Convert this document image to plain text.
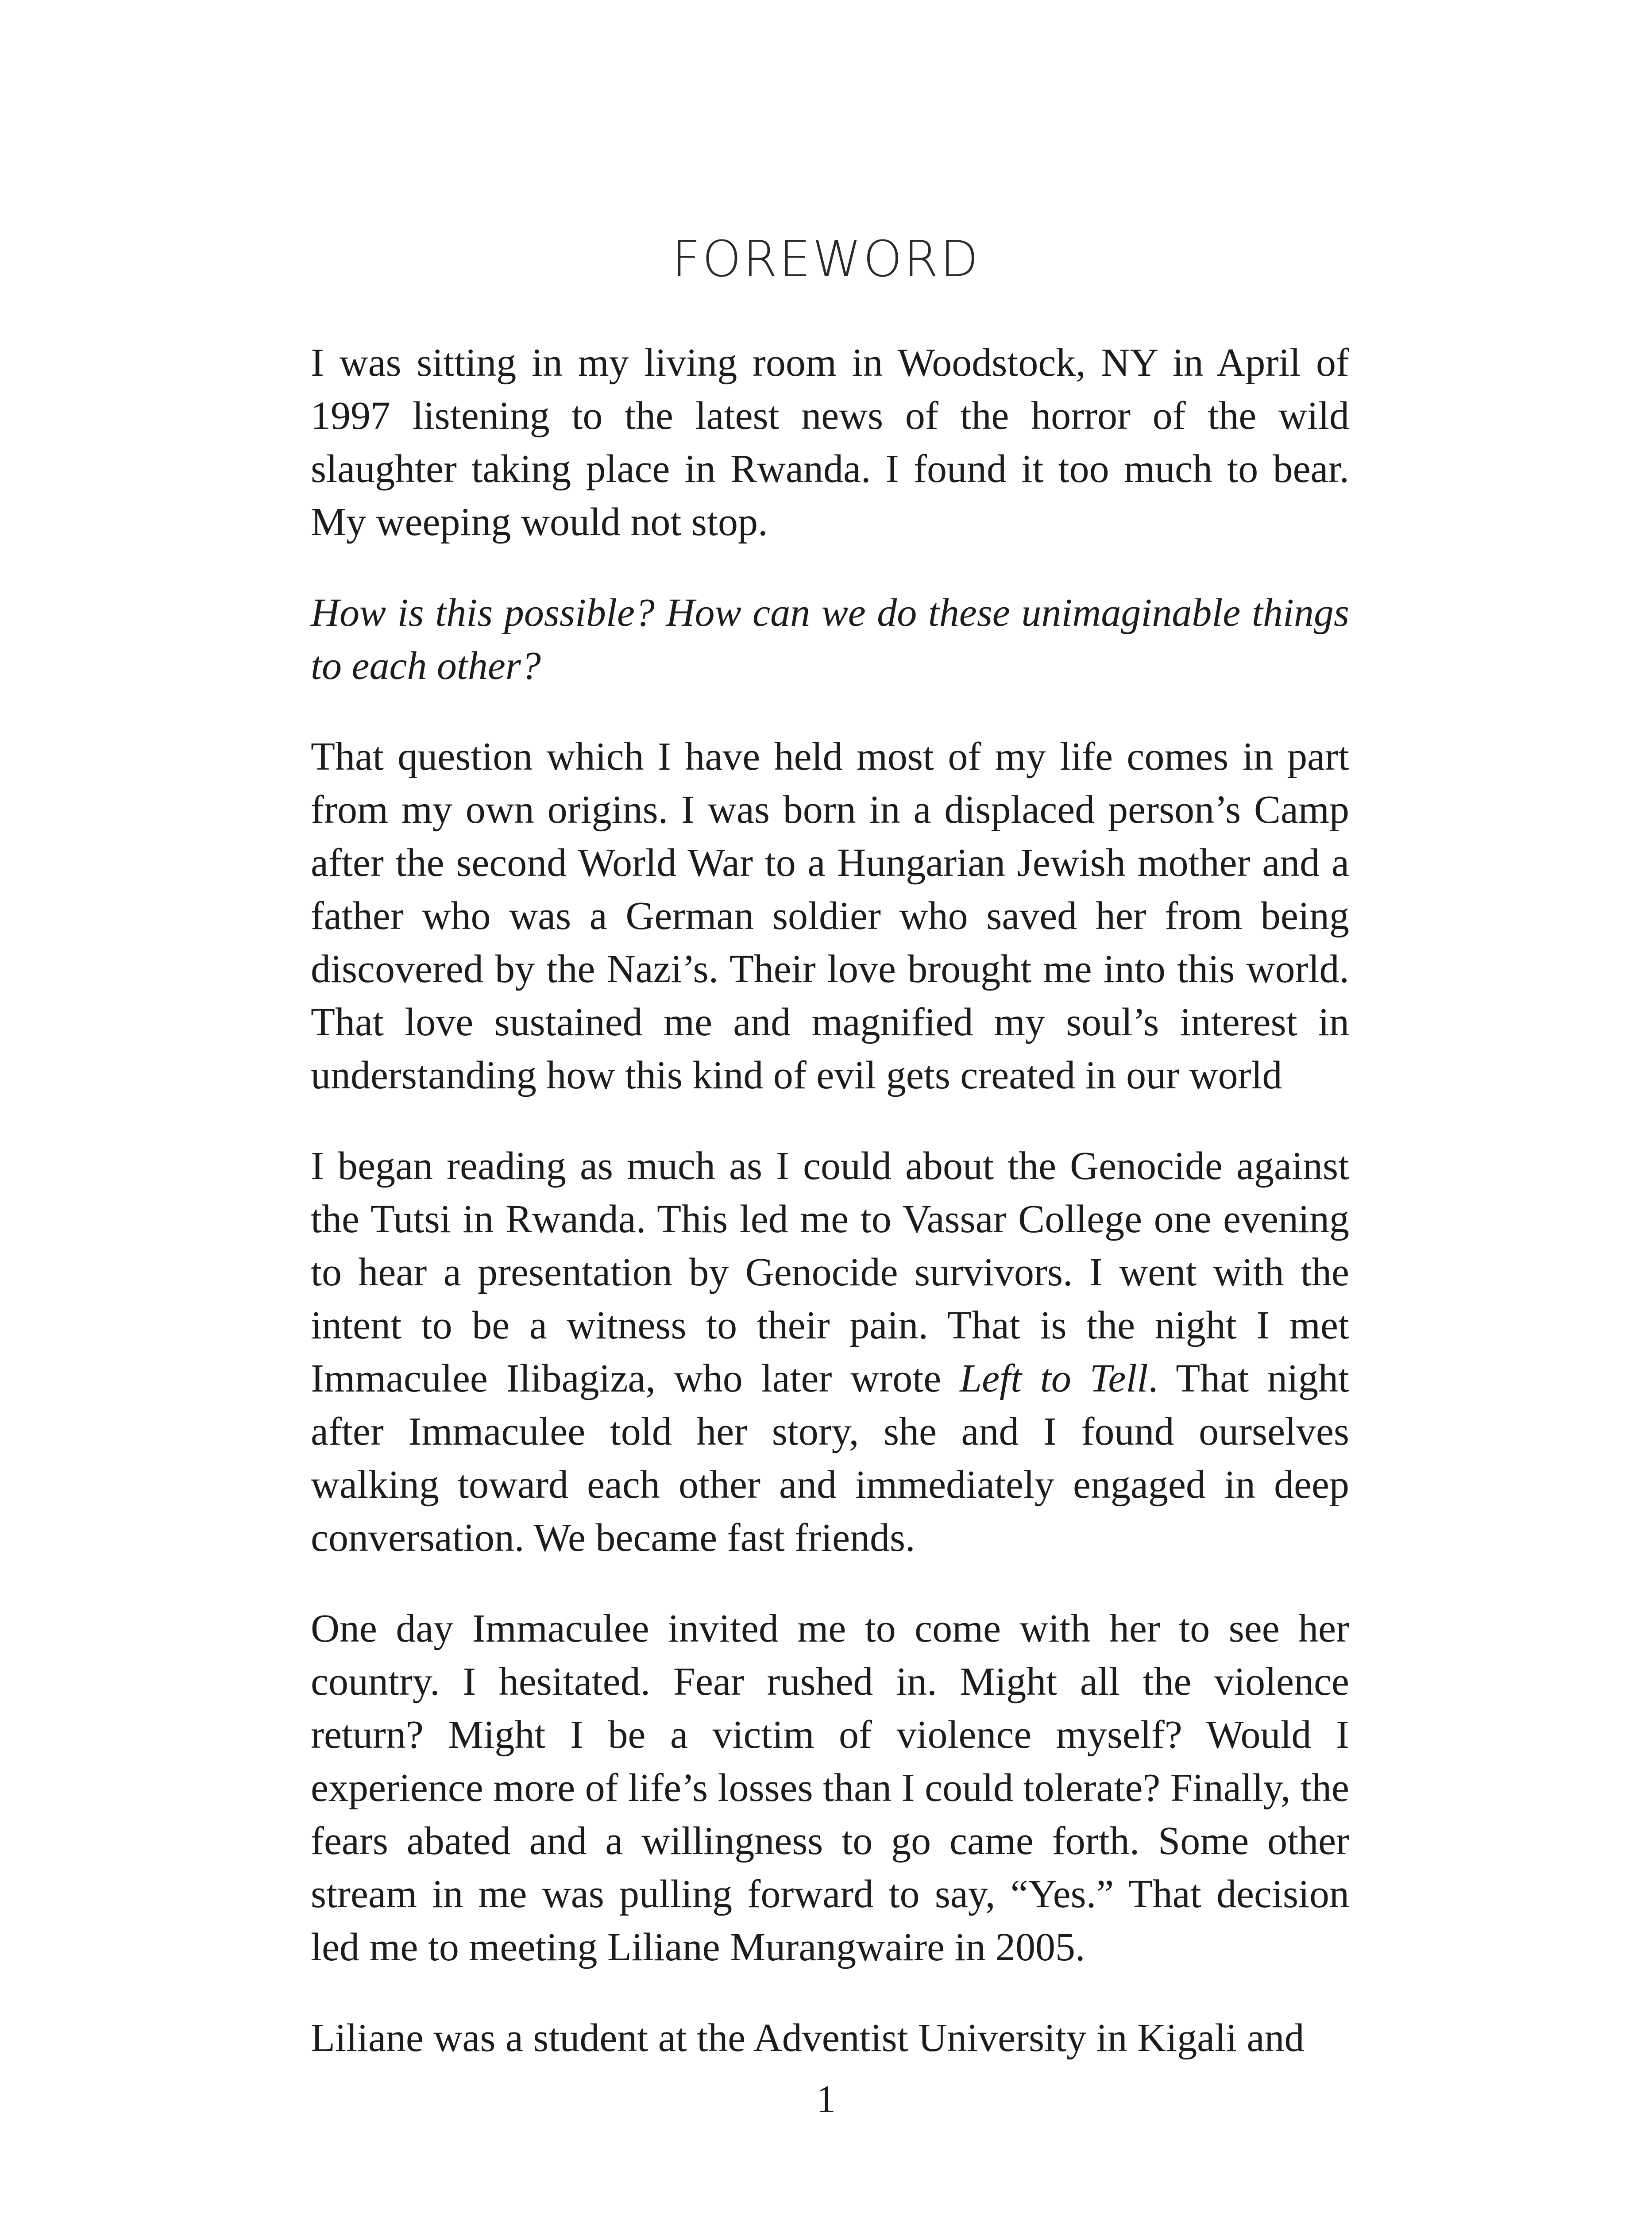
FOREWORD

I was sitting in my living room in Woodstock, NY in April of 1997 listening to the latest news of the horror of the wild slaughter taking place in Rwanda. I found it too much to bear. My weeping would not stop.

How is this possible? How can we do these unimaginable things to each other?

That question which I have held most of my life comes in part from my own origins. I was born in a displaced person’s Camp after the second World War to a Hungarian Jewish mother and a father who was a German soldier who saved her from being discovered by the Nazi’s. Their love brought me into this world. That love sustained me and magnified my soul’s interest in understanding how this kind of evil gets created in our world

I began reading as much as I could about the Genocide against the Tutsi in Rwanda. This led me to Vassar College one evening to hear a presentation by Genocide survivors. I went with the intent to be a witness to their pain. That is the night I met Immaculee Ilibagiza, who later wrote Left to Tell. That night after Immaculee told her story, she and I found ourselves walking toward each other and immediately engaged in deep conversation. We became fast friends.

One day Immaculee invited me to come with her to see her country. I hesitated. Fear rushed in. Might all the violence return? Might I be a victim of violence myself? Would I experience more of life’s losses than I could tolerate? Finally, the fears abated and a willingness to go came forth. Some other stream in me was pulling forward to say, “Yes.” That decision led me to meeting Liliane Murangwaire in 2005.

Liliane was a student at the Adventist University in Kigali and

1
